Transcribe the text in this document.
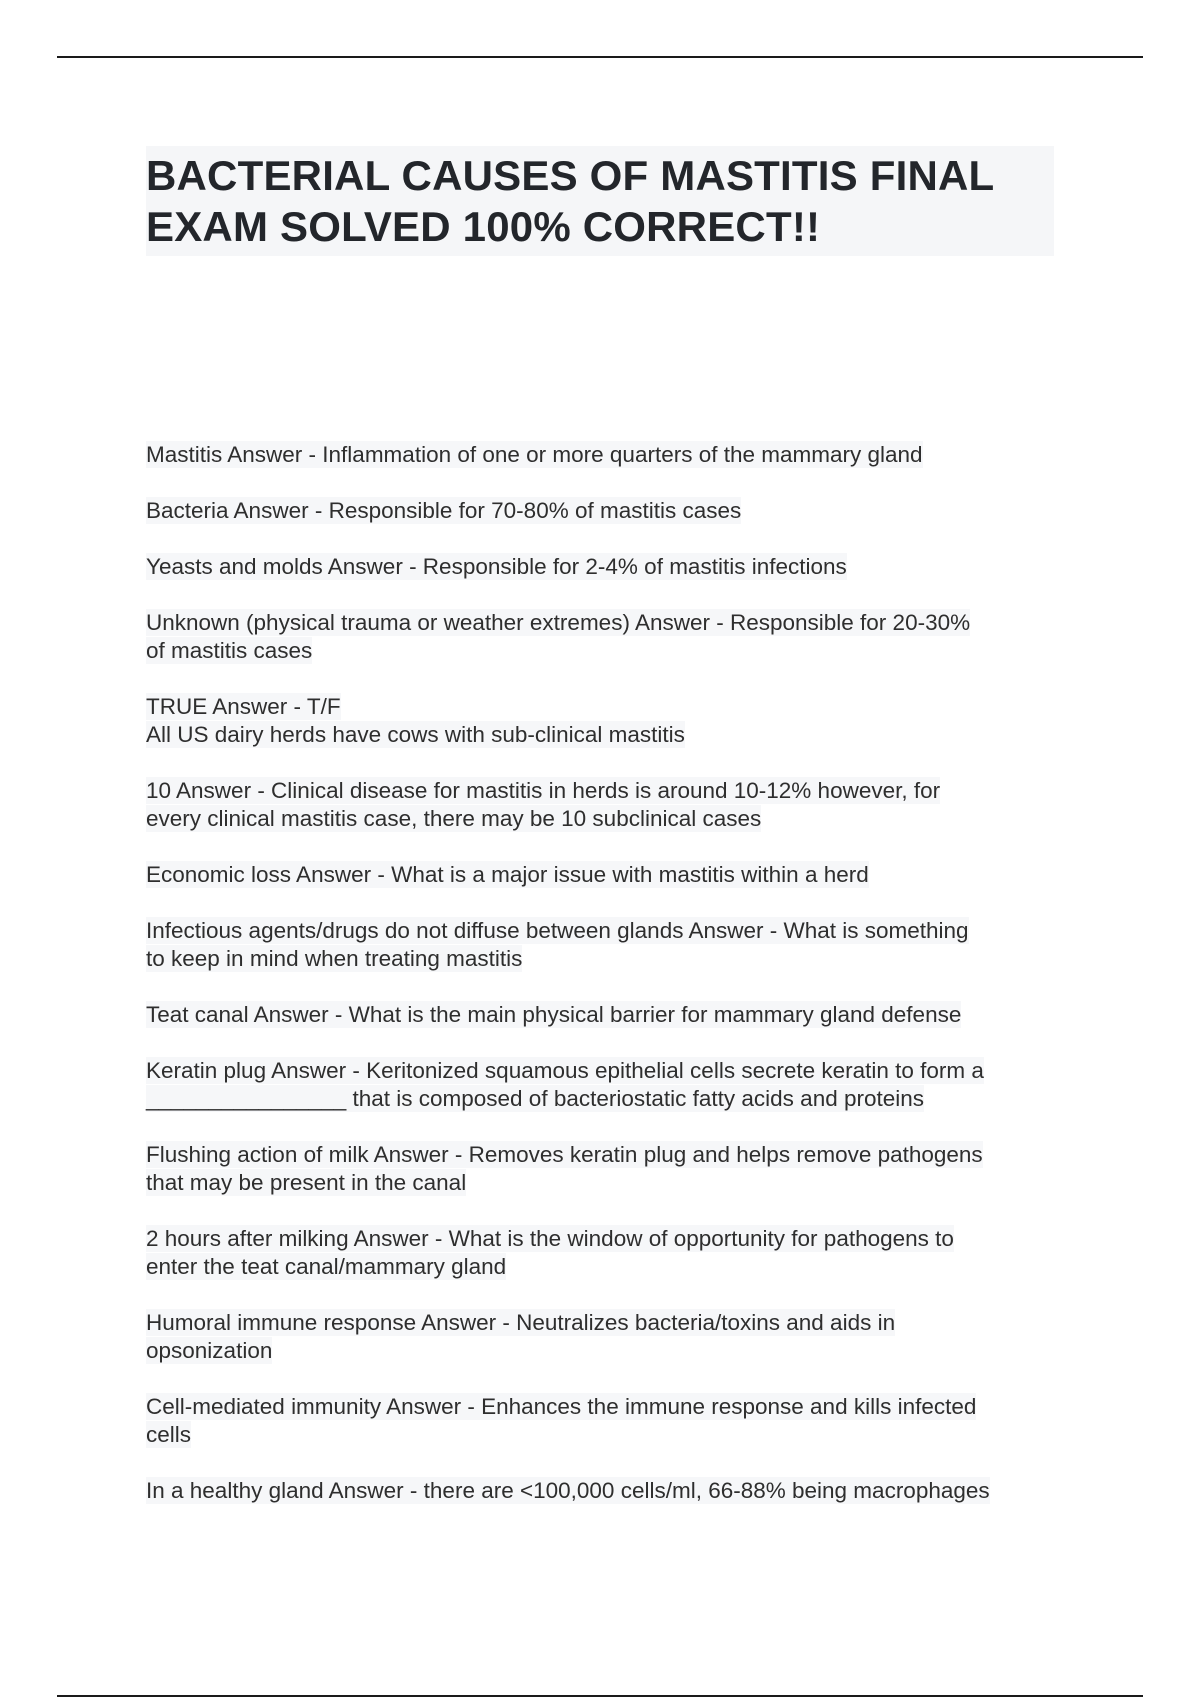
BACTERIAL CAUSES OF MASTITIS FINAL EXAM SOLVED 100% CORRECT!!
Mastitis Answer - Inflammation of one or more quarters of the mammary gland
Bacteria Answer - Responsible for 70-80% of mastitis cases
Yeasts and molds Answer - Responsible for 2-4% of mastitis infections
Unknown (physical trauma or weather extremes) Answer - Responsible for 20-30%
of mastitis cases
TRUE Answer - T/F
All US dairy herds have cows with sub-clinical mastitis
10 Answer - Clinical disease for mastitis in herds is around 10-12% however, for
every clinical mastitis case, there may be 10 subclinical cases
Economic loss Answer - What is a major issue with mastitis within a herd
Infectious agents/drugs do not diffuse between glands Answer - What is something
to keep in mind when treating mastitis
Teat canal Answer - What is the main physical barrier for mammary gland defense
Keratin plug Answer - Keritonized squamous epithelial cells secrete keratin to form a
________________ that is composed of bacteriostatic fatty acids and proteins
Flushing action of milk Answer - Removes keratin plug and helps remove pathogens
that may be present in the canal
2 hours after milking Answer - What is the window of opportunity for pathogens to
enter the teat canal/mammary gland
Humoral immune response Answer - Neutralizes bacteria/toxins and aids in
opsonization
Cell-mediated immunity Answer - Enhances the immune response and kills infected
cells
In a healthy gland Answer - there are <100,000 cells/ml, 66-88% being macrophages
